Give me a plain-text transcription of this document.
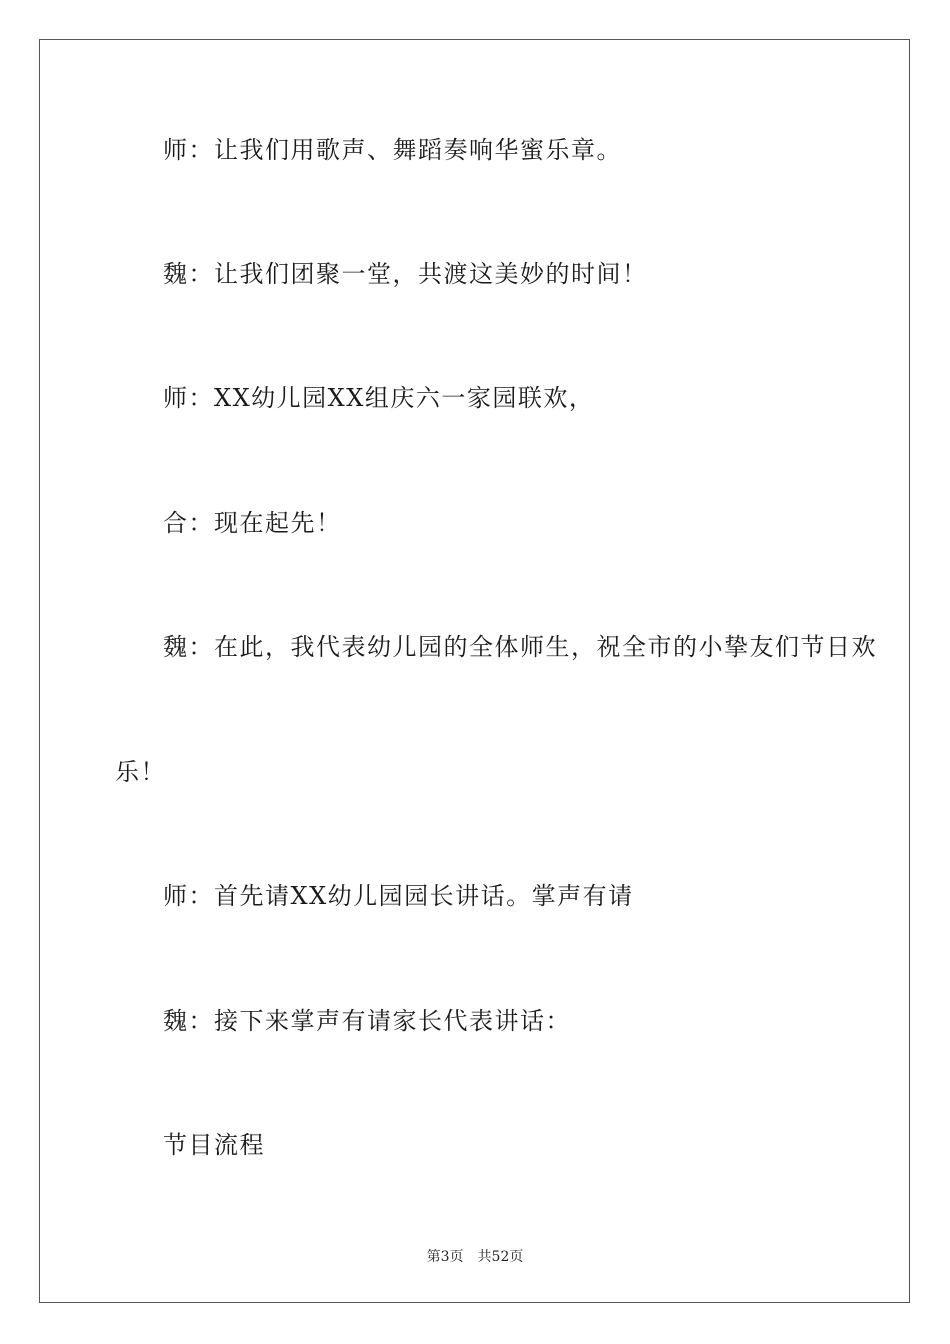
师：让我们用歌声、舞蹈奏响华蜜乐章。
魏：让我们团聚一堂，共渡这美妙的时间！
师：XX幼儿园XX组庆六一家园联欢，
合：现在起先！
魏：在此，我代表幼儿园的全体师生，祝全市的小挚友们节日欢
乐！
师：首先请XX幼儿园园长讲话。掌声有请
魏：接下来掌声有请家长代表讲话：
节目流程
第3页 共52页
